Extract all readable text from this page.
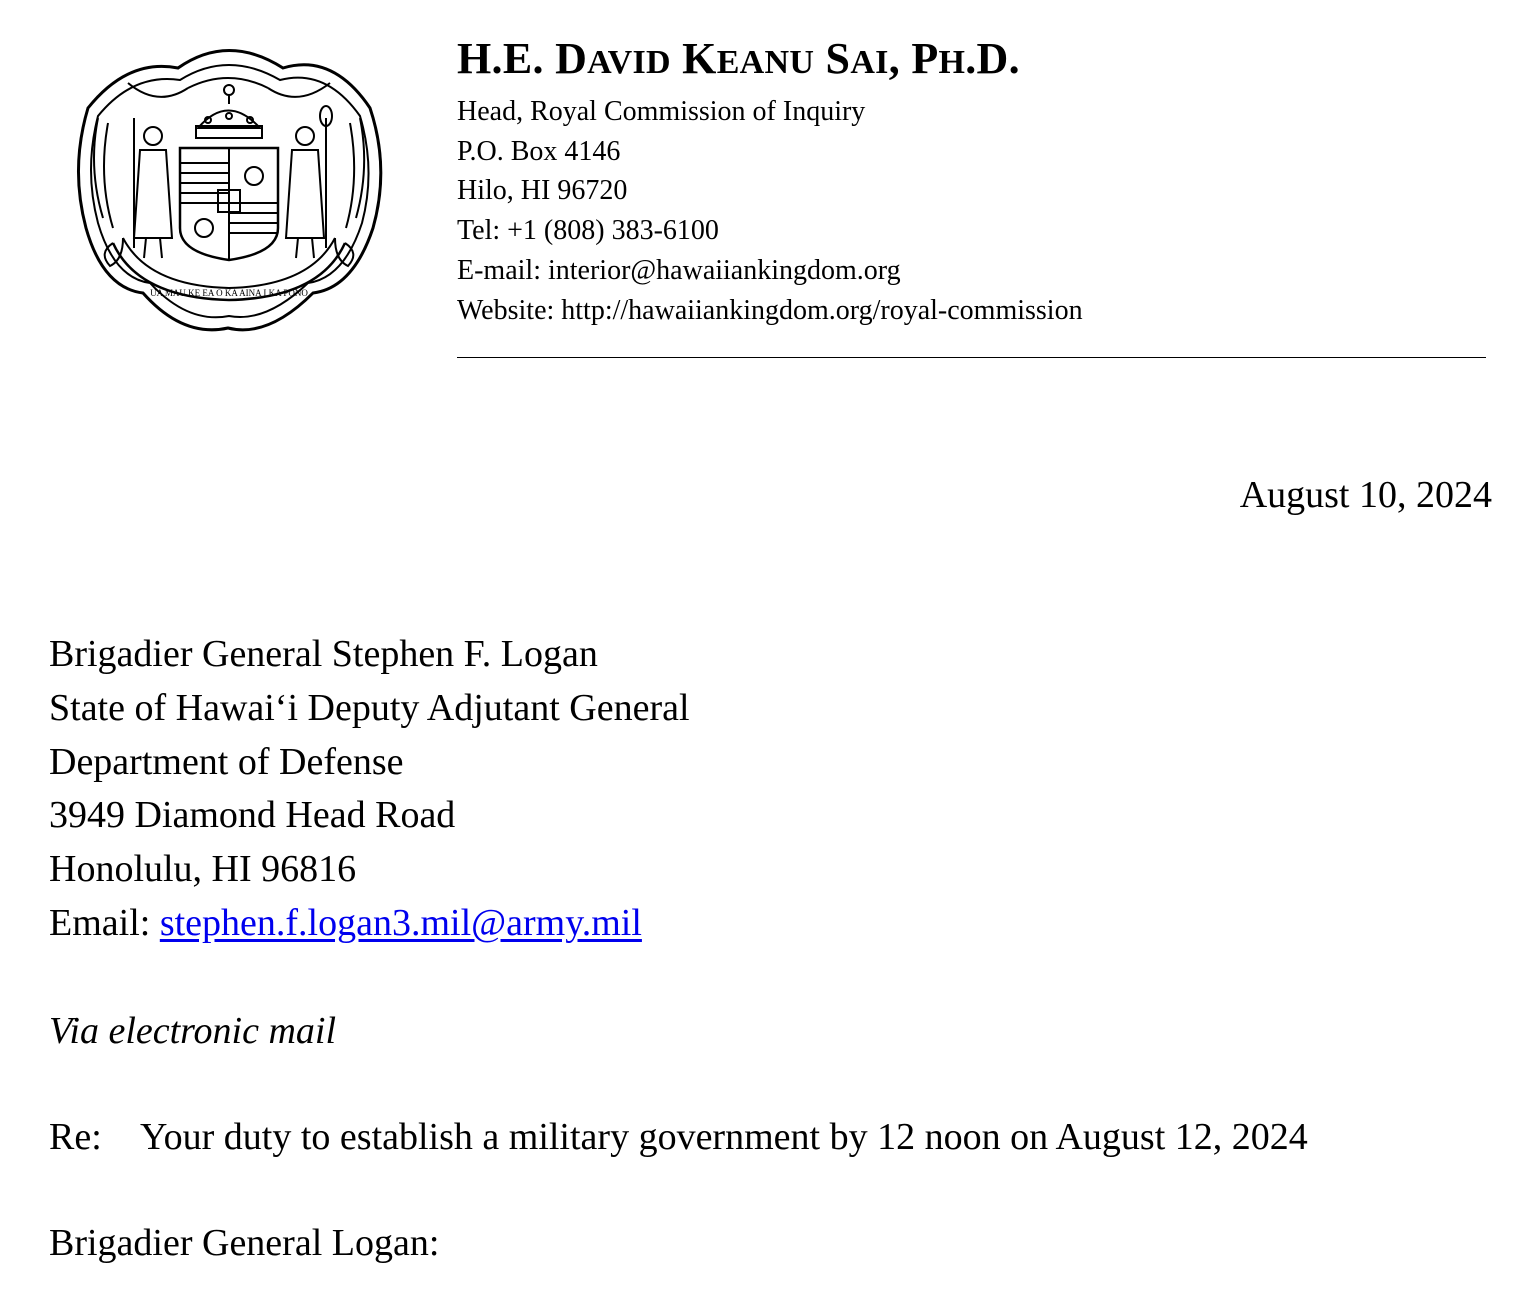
UA MAU KE EA O KA AINA I KA PONO
H.E. DAVID KEANU SAI, PH.D.
Head, Royal Commission of Inquiry
P.O. Box 4146
Hilo, HI 96720
Tel: +1 (808) 383-6100
E-mail: interior@hawaiiankingdom.org
Website: http://hawaiiankingdom.org/royal-commission
August 10, 2024
Brigadier General Stephen F. Logan
State of Hawaiʻi Deputy Adjutant General
Department of Defense
3949 Diamond Head Road
Honolulu, HI 96816
Email: stephen.f.logan3.mil@army.mil
Via electronic mail
Re: Your duty to establish a military government by 12 noon on August 12, 2024
Brigadier General Logan:
